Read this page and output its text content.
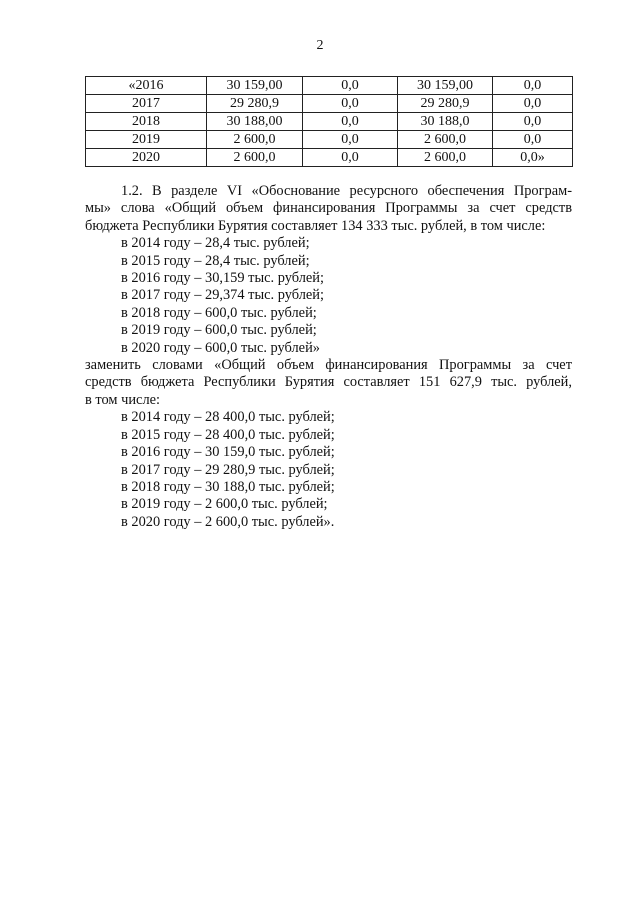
2
«2016	30 159,00	0,0	30 159,00	0,0
2017	29 280,9	0,0	29 280,9	0,0
2018	30 188,00	0,0	30 188,0	0,0
2019	2 600,0	0,0	2 600,0	0,0
2020	2 600,0	0,0	2 600,0	0,0»

1.2. В разделе VI «Обоснование ресурсного обеспечения Програм-

мы» слова «Общий объем финансирования Программы за счет средств

бюджета Республики Бурятия составляет 134 333 тыс. рублей, в том числе:

в 2014 году – 28,4 тыс. рублей;

в 2015 году – 28,4 тыс. рублей;

в 2016 году – 30,159 тыс. рублей;

в 2017 году – 29,374 тыс. рублей;

в 2018 году – 600,0 тыс. рублей;

в 2019 году – 600,0 тыс. рублей;

в 2020 году – 600,0 тыс. рублей»

заменить словами «Общий объем финансирования Программы за счет

средств бюджета Республики Бурятия составляет 151 627,9 тыс. рублей,

в том числе:

в 2014 году – 28 400,0 тыс. рублей;

в 2015 году – 28 400,0 тыс. рублей;

в 2016 году – 30 159,0 тыс. рублей;

в 2017 году – 29 280,9 тыс. рублей;

в 2018 году – 30 188,0 тыс. рублей;

в 2019 году – 2 600,0 тыс. рублей;

в 2020 году – 2 600,0 тыс. рублей».
